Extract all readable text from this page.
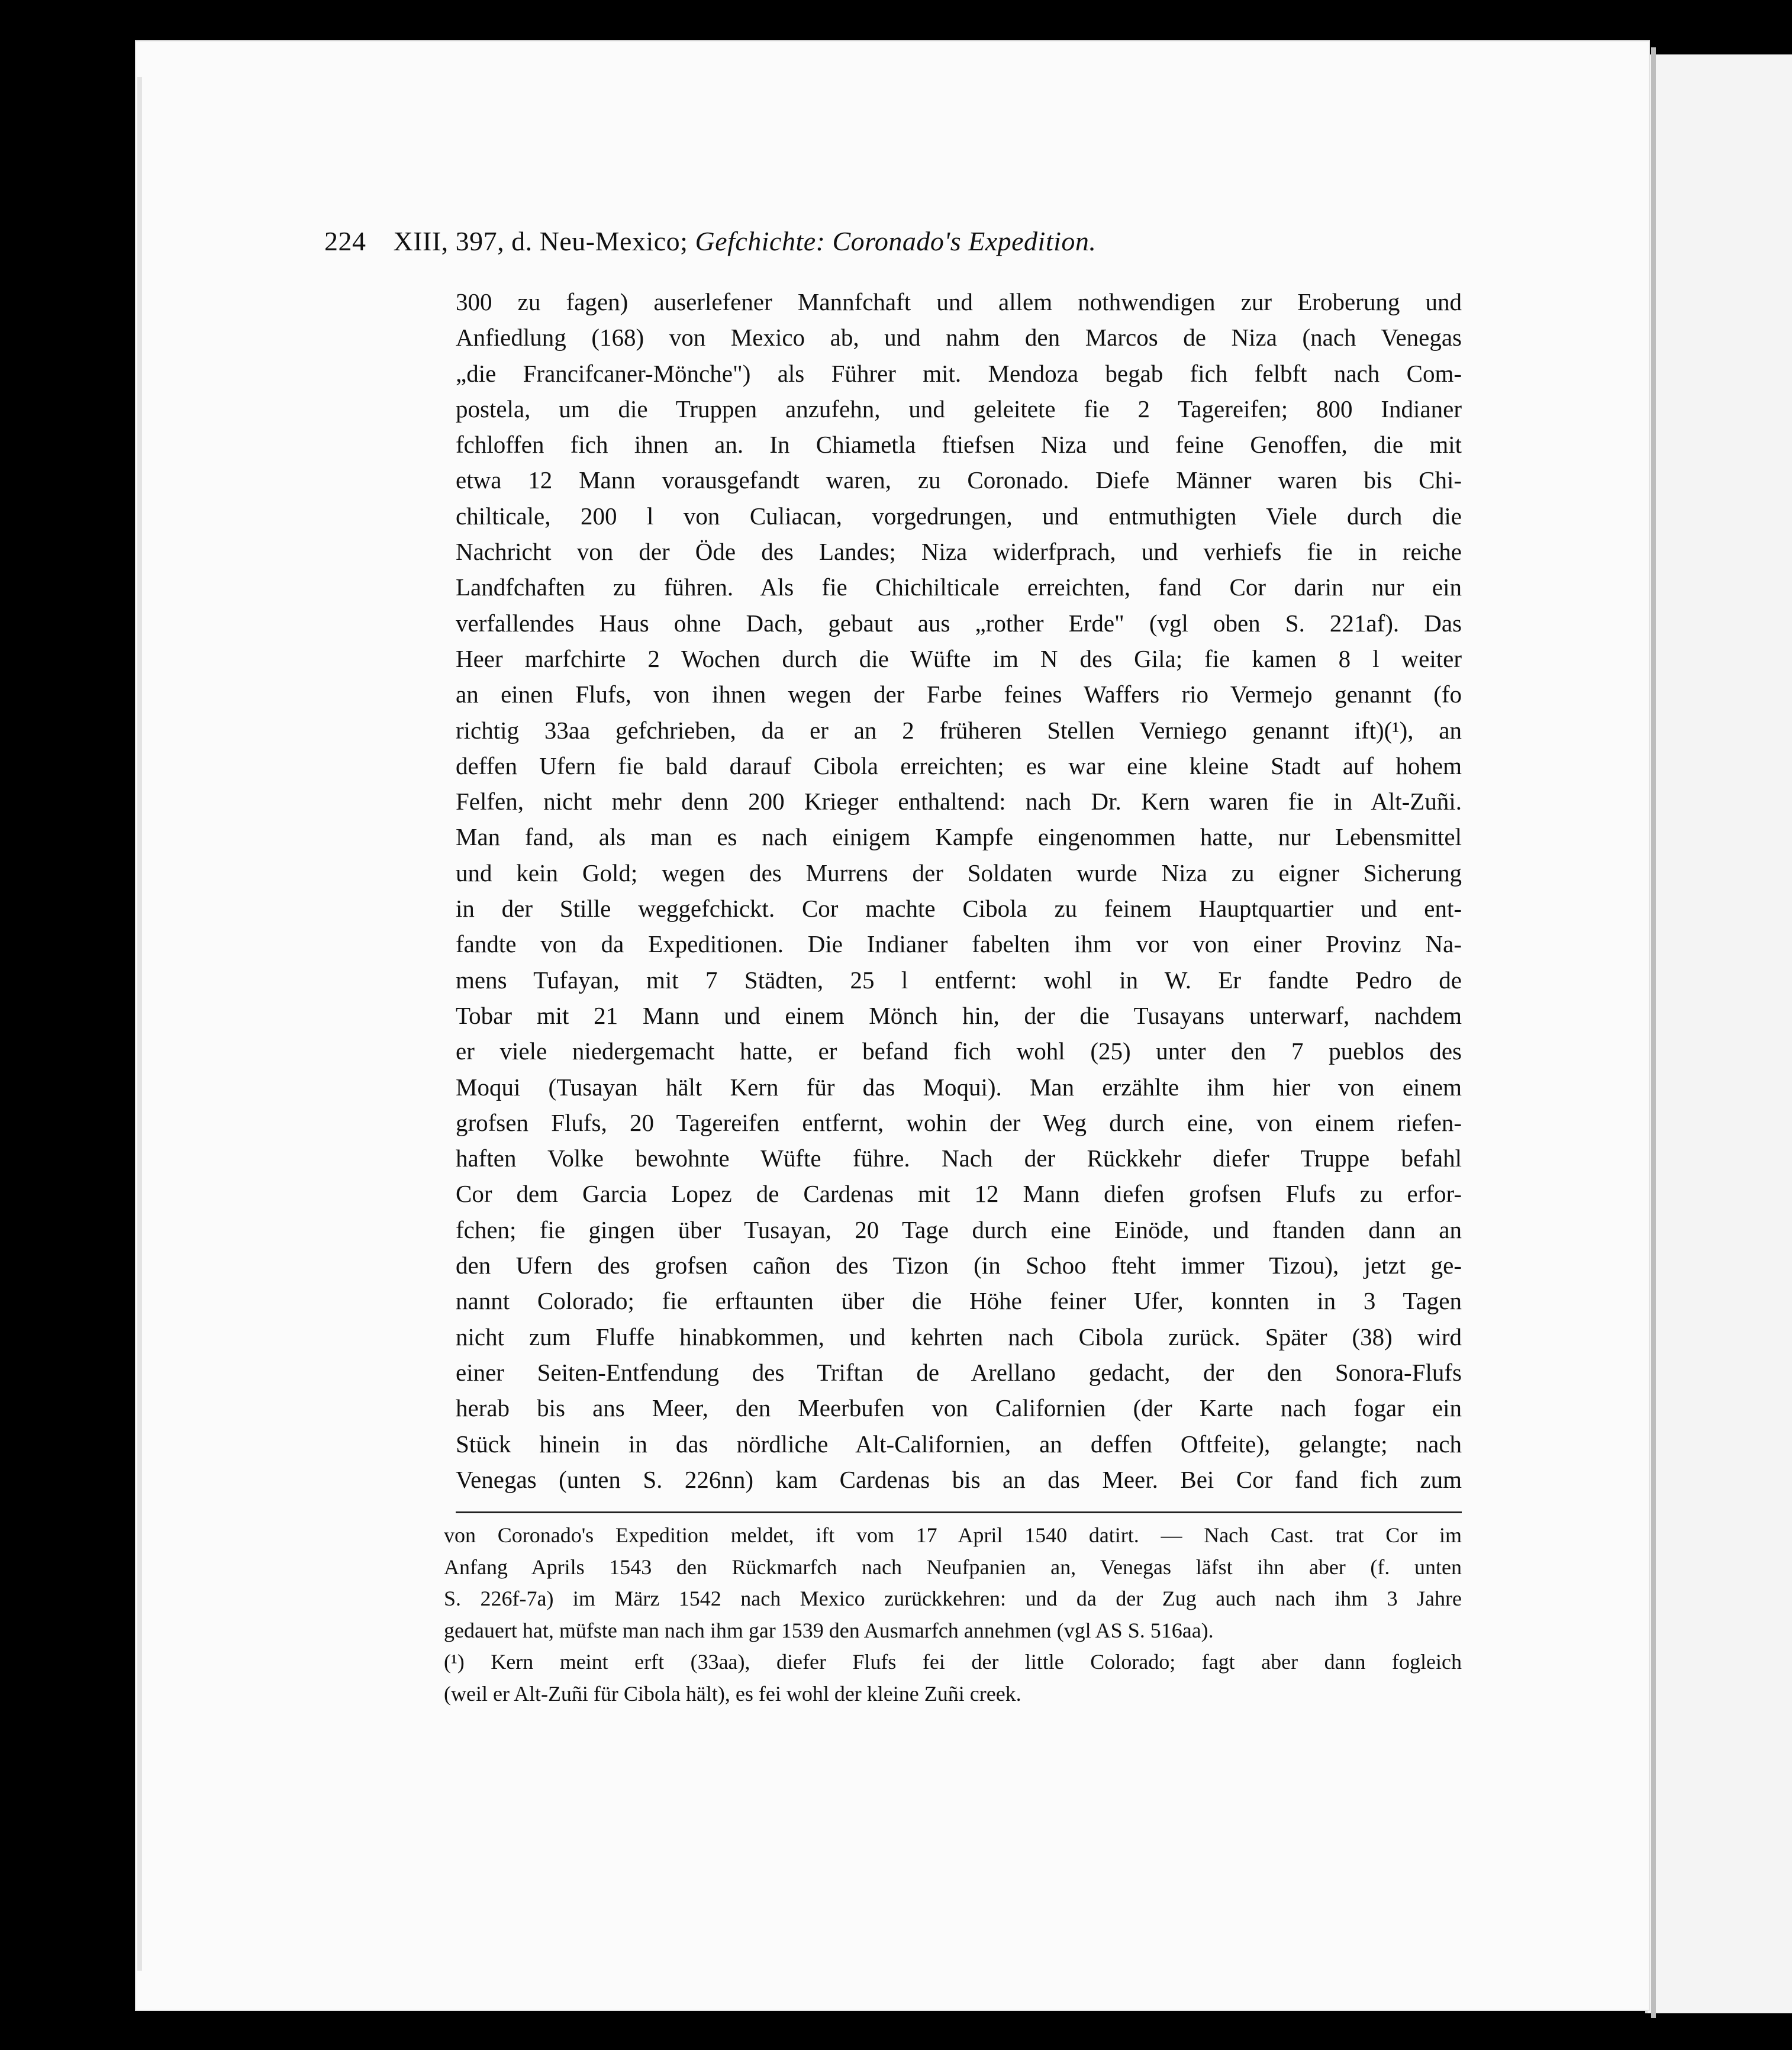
224 XIII, 397, d. Neu-Mexico; Gefchichte: Coronado's Expedition.
300 zu fagen) auserlefener Mannfchaft und allem nothwendigen zur Eroberung und
Anfiedlung (168) von Mexico ab, und nahm den Marcos de Niza (nach Venegas
„die Francifcaner-Mönche") als Führer mit. Mendoza begab fich felbft nach Com-
postela, um die Truppen anzufehn, und geleitete fie 2 Tagereifen; 800 Indianer
fchloffen fich ihnen an. In Chiametla ftiefsen Niza und feine Genoffen, die mit
etwa 12 Mann vorausgefandt waren, zu Coronado. Diefe Männer waren bis Chi-
chilticale, 200 l von Culiacan, vorgedrungen, und entmuthigten Viele durch die
Nachricht von der Öde des Landes; Niza widerfprach, und verhiefs fie in reiche
Landfchaften zu führen. Als fie Chichilticale erreichten, fand Cor darin nur ein
verfallendes Haus ohne Dach, gebaut aus „rother Erde" (vgl oben S. 221af). Das
Heer marfchirte 2 Wochen durch die Wüfte im N des Gila; fie kamen 8 l weiter
an einen Flufs, von ihnen wegen der Farbe feines Waffers rio Vermejo genannt (fo
richtig 33aa gefchrieben, da er an 2 früheren Stellen Verniego genannt ift)(¹), an
deffen Ufern fie bald darauf Cibola erreichten; es war eine kleine Stadt auf hohem
Felfen, nicht mehr denn 200 Krieger enthaltend: nach Dr. Kern waren fie in Alt-Zuñi.
Man fand, als man es nach einigem Kampfe eingenommen hatte, nur Lebensmittel
und kein Gold; wegen des Murrens der Soldaten wurde Niza zu eigner Sicherung
in der Stille weggefchickt. Cor machte Cibola zu feinem Hauptquartier und ent-
fandte von da Expeditionen. Die Indianer fabelten ihm vor von einer Provinz Na-
mens Tufayan, mit 7 Städten, 25 l entfernt: wohl in W. Er fandte Pedro de
Tobar mit 21 Mann und einem Mönch hin, der die Tusayans unterwarf, nachdem
er viele niedergemacht hatte, er befand fich wohl (25) unter den 7 pueblos des
Moqui (Tusayan hält Kern für das Moqui). Man erzählte ihm hier von einem
grofsen Flufs, 20 Tagereifen entfernt, wohin der Weg durch eine, von einem riefen-
haften Volke bewohnte Wüfte führe. Nach der Rückkehr diefer Truppe befahl
Cor dem Garcia Lopez de Cardenas mit 12 Mann diefen grofsen Flufs zu erfor-
fchen; fie gingen über Tusayan, 20 Tage durch eine Einöde, und ftanden dann an
den Ufern des grofsen cañon des Tizon (in Schoo fteht immer Tizou), jetzt ge-
nannt Colorado; fie erftaunten über die Höhe feiner Ufer, konnten in 3 Tagen
nicht zum Fluffe hinabkommen, und kehrten nach Cibola zurück. Später (38) wird
einer Seiten-Entfendung des Triftan de Arellano gedacht, der den Sonora-Flufs
herab bis ans Meer, den Meerbufen von Californien (der Karte nach fogar ein
Stück hinein in das nördliche Alt-Californien, an deffen Oftfeite), gelangte; nach
Venegas (unten S. 226nn) kam Cardenas bis an das Meer. Bei Cor fand fich zum
von Coronado's Expedition meldet, ift vom 17 April 1540 datirt. — Nach Cast. trat Cor im
Anfang Aprils 1543 den Rückmarfch nach Neufpanien an, Venegas läfst ihn aber (f. unten
S. 226f-7a) im März 1542 nach Mexico zurückkehren: und da der Zug auch nach ihm 3 Jahre
gedauert hat, müfste man nach ihm gar 1539 den Ausmarfch annehmen (vgl AS S. 516aa).
(¹) Kern meint erft (33aa), diefer Flufs fei der little Colorado; fagt aber dann fogleich
(weil er Alt-Zuñi für Cibola hält), es fei wohl der kleine Zuñi creek.
